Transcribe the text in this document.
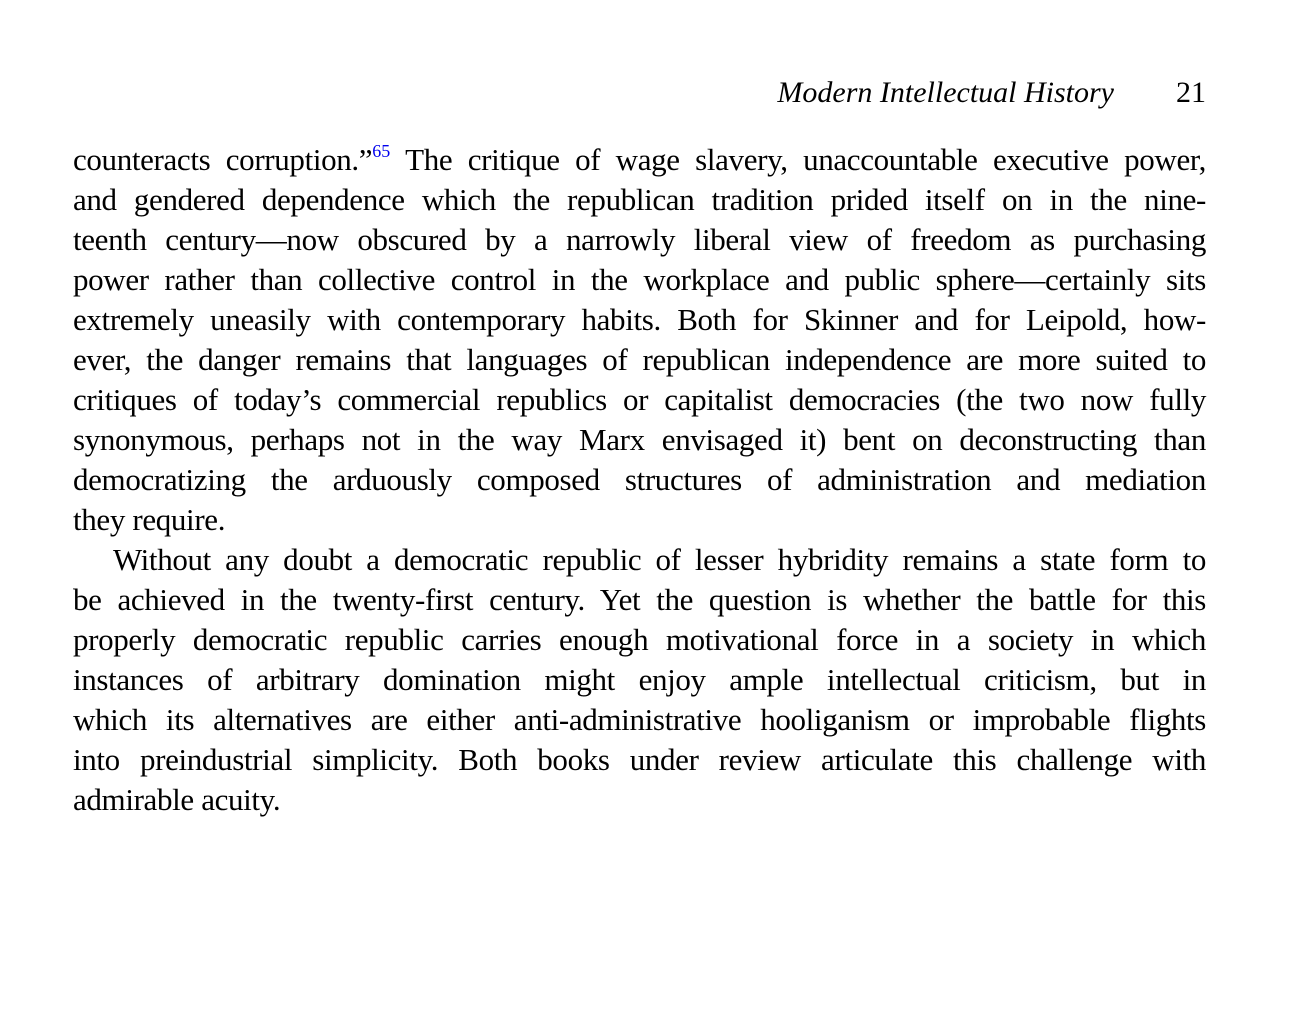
Modern Intellectual History 21
counteracts corruption.”$^{65}$ The critique of wage slavery, unaccountable executive power,
and gendered dependence which the republican tradition prided itself on in the nine-
teenth century—now obscured by a narrowly liberal view of freedom as purchasing
power rather than collective control in the workplace and public sphere—certainly sits
extremely uneasily with contemporary habits. Both for Skinner and for Leipold, how-
ever, the danger remains that languages of republican independence are more suited to
critiques of today’s commercial republics or capitalist democracies (the two now fully
synonymous, perhaps not in the way Marx envisaged it) bent on deconstructing than
democratizing the arduously composed structures of administration and mediation
they require.
Without any doubt a democratic republic of lesser hybridity remains a state form to
be achieved in the twenty-first century. Yet the question is whether the battle for this
properly democratic republic carries enough motivational force in a society in which
instances of arbitrary domination might enjoy ample intellectual criticism, but in
which its alternatives are either anti-administrative hooliganism or improbable flights
into preindustrial simplicity. Both books under review articulate this challenge with
admirable acuity.
